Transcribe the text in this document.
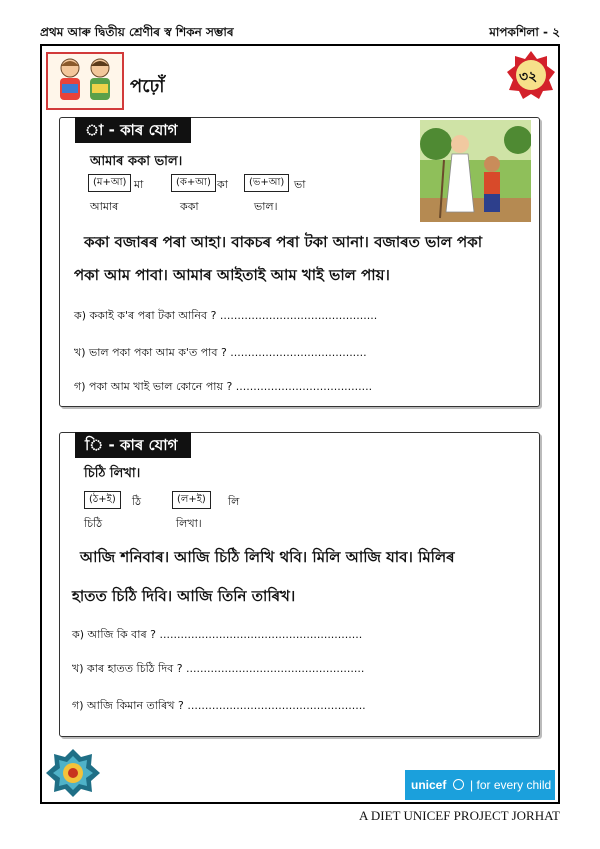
প্ৰথম আৰু দ্বিতীয় শ্ৰেণীৰ স্ব শিকন সম্ভাৰ	মাপকশিলা - ২
পঢ়োঁ	৩২
া - কাৰ যোগ
আমাৰ ককা ভাল।
(ম+আ) মা	(ক+আ) কা	(ভ+আ) ভা
আমাৰ	ককা	ভাল।
ককা বজাৰৰ পৰা আহা। বাকচৰ পৰা টকা আনা। বজাৰত ভাল পকা
পকা আম পাবা। আমাৰ আইতাই আম খাই ভাল পায়।
ক) ককাই ক'ৰ পৰা টকা আনিব ? .............................................
খ) ভাল পকা পকা আম ক'ত পাব ? .......................................
গ) পকা আম খাই ভাল কোনে পায় ? .......................................
ি - কাৰ যোগ
চিঠি লিখা।
(ঠ+ই)	ঠি	(ল+ই)	লি
চিঠি	লিখা।
আজি শনিবাৰ। আজি চিঠি লিখি থবি। মিলি আজি যাব। মিলিৰ
হাতত চিঠি দিবি। আজি তিনি তাৰিখ।
ক) আজি কি বাৰ ? ..........................................................
খ) কাৰ হাতত চিঠি দিব ? ...................................................
গ) আজি কিমান তাৰিখ ? ...................................................
unicef | for every child
A DIET UNICEF PROJECT JORHAT
